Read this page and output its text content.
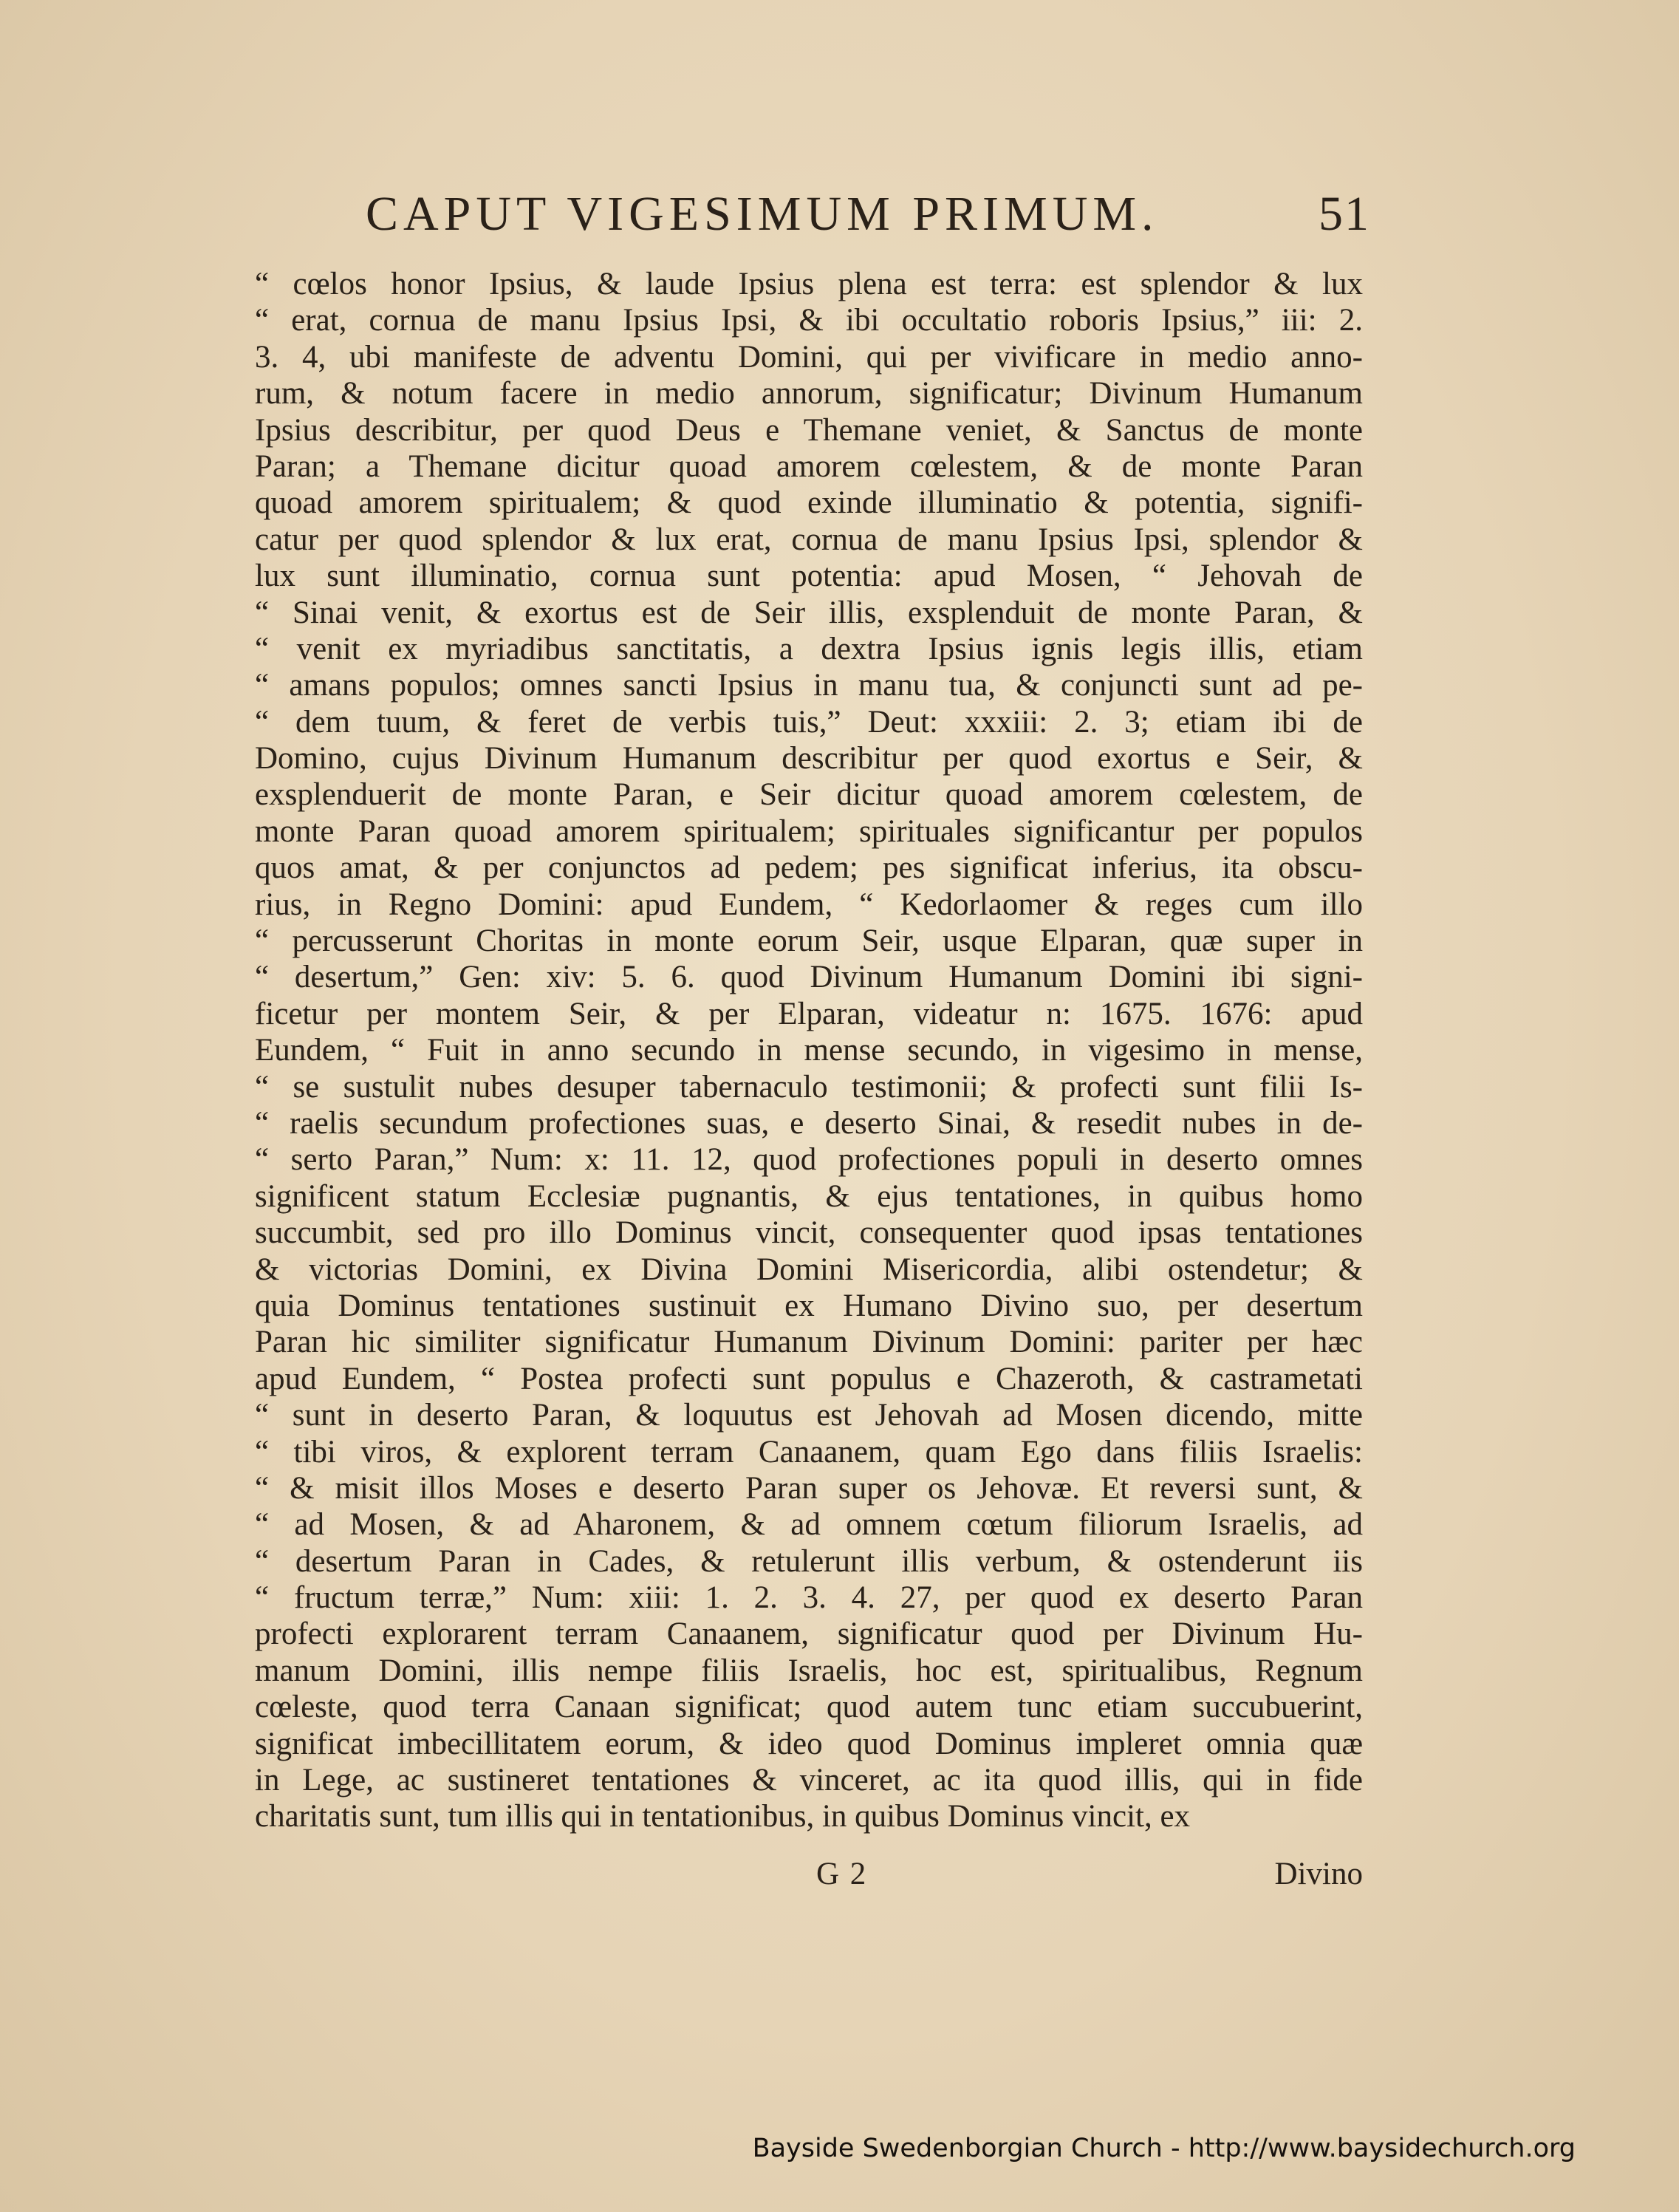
CAPUT VIGESIMUM PRIMUM.	51
“ cœlos honor Ipsius, & laude Ipsius plena est terra: est splendor & lux
“ erat, cornua de manu Ipsius Ipsi, & ibi occultatio roboris Ipsius,” iii: 2.
3. 4, ubi manifeste de adventu Domini, qui per vivificare in medio anno-
rum, & notum facere in medio annorum, significatur; Divinum Humanum
Ipsius describitur, per quod Deus e Themane veniet, & Sanctus de monte
Paran; a Themane dicitur quoad amorem cœlestem, & de monte Paran
quoad amorem spiritualem; & quod exinde illuminatio & potentia, signifi-
catur per quod splendor & lux erat, cornua de manu Ipsius Ipsi, splendor &
lux sunt illuminatio, cornua sunt potentia: apud Mosen, “ Jehovah de
“ Sinai venit, & exortus est de Seir illis, exsplenduit de monte Paran, &
“ venit ex myriadibus sanctitatis, a dextra Ipsius ignis legis illis, etiam
“ amans populos; omnes sancti Ipsius in manu tua, & conjuncti sunt ad pe-
“ dem tuum, & feret de verbis tuis,” Deut: xxxiii: 2. 3; etiam ibi de
Domino, cujus Divinum Humanum describitur per quod exortus e Seir, &
exsplenduerit de monte Paran, e Seir dicitur quoad amorem cœlestem, de
monte Paran quoad amorem spiritualem; spirituales significantur per populos
quos amat, & per conjunctos ad pedem; pes significat inferius, ita obscu-
rius, in Regno Domini: apud Eundem, “ Kedorlaomer & reges cum illo
“ percusserunt Choritas in monte eorum Seir, usque Elparan, quæ super in
“ desertum,” Gen: xiv: 5. 6. quod Divinum Humanum Domini ibi signi-
ficetur per montem Seir, & per Elparan, videatur n: 1675. 1676: apud
Eundem, “ Fuit in anno secundo in mense secundo, in vigesimo in mense,
“ se sustulit nubes desuper tabernaculo testimonii; & profecti sunt filii Is-
“ raelis secundum profectiones suas, e deserto Sinai, & resedit nubes in de-
“ serto Paran,” Num: x: 11. 12, quod profectiones populi in deserto omnes
significent statum Ecclesiæ pugnantis, & ejus tentationes, in quibus homo
succumbit, sed pro illo Dominus vincit, consequenter quod ipsas tentationes
& victorias Domini, ex Divina Domini Misericordia, alibi ostendetur; &
quia Dominus tentationes sustinuit ex Humano Divino suo, per desertum
Paran hic similiter significatur Humanum Divinum Domini: pariter per hæc
apud Eundem, “ Postea profecti sunt populus e Chazeroth, & castrametati
“ sunt in deserto Paran, & loquutus est Jehovah ad Mosen dicendo, mitte
“ tibi viros, & explorent terram Canaanem, quam Ego dans filiis Israelis:
“ & misit illos Moses e deserto Paran super os Jehovæ. Et reversi sunt, &
“ ad Mosen, & ad Aharonem, & ad omnem cœtum filiorum Israelis, ad
“ desertum Paran in Cades, & retulerunt illis verbum, & ostenderunt iis
“ fructum terræ,” Num: xiii: 1. 2. 3. 4. 27, per quod ex deserto Paran
profecti explorarent terram Canaanem, significatur quod per Divinum Hu-
manum Domini, illis nempe filiis Israelis, hoc est, spiritualibus, Regnum
cœleste, quod terra Canaan significat; quod autem tunc etiam succubuerint,
significat imbecillitatem eorum, & ideo quod Dominus impleret omnia quæ
in Lege, ac sustineret tentationes & vinceret, ac ita quod illis, qui in fide
charitatis sunt, tum illis qui in tentationibus, in quibus Dominus vincit, ex
G 2	Divino
Bayside Swedenborgian Church - http://www.baysidechurch.org
